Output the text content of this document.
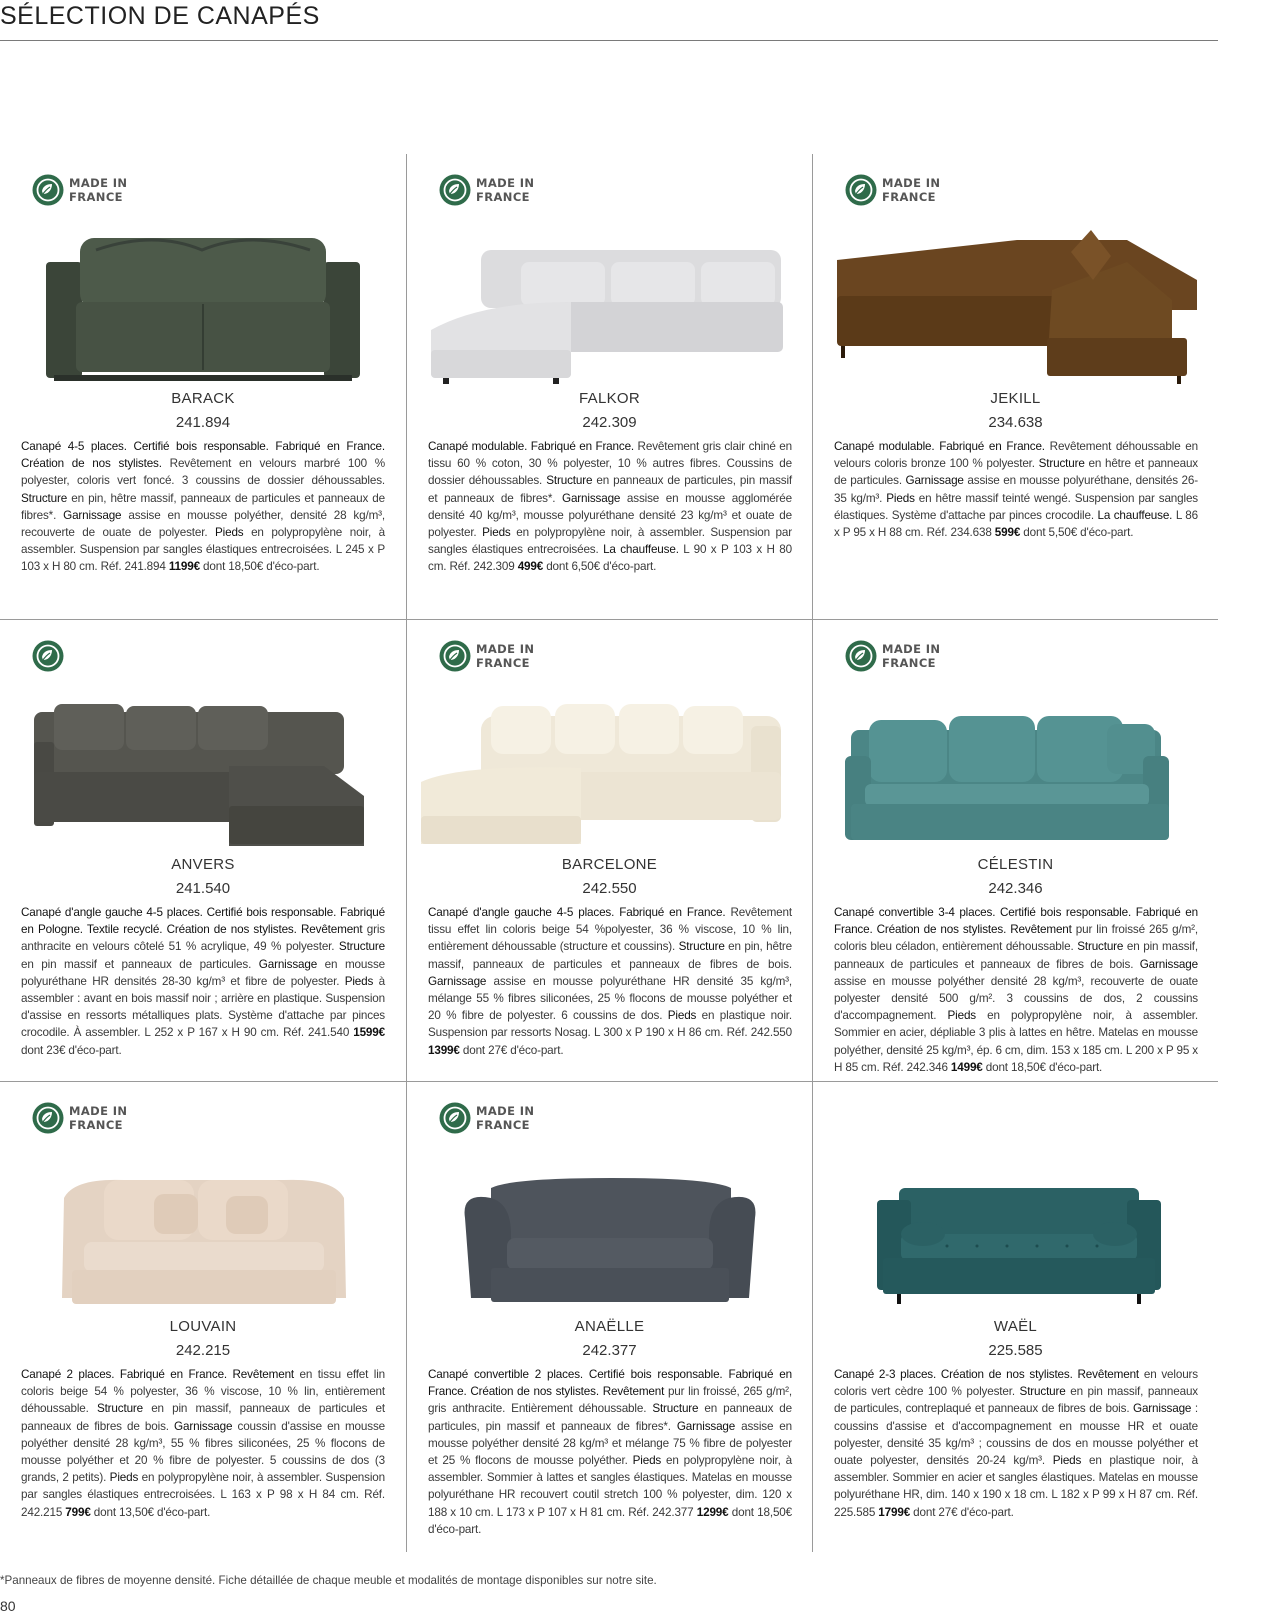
SÉLECTION DE CANAPÉS
MADE IN
FRANCE
BARACK
241.894

Canapé 4-5 places. Certifié bois responsable. Fabriqué en France. Création de nos stylistes. Revêtement en velours marbré 100 % polyester, coloris vert foncé. 3 coussins de dossier déhoussables. Structure en pin, hêtre massif, panneaux de particules et panneaux de fibres*. Garnissage assise en mousse polyéther, densité 28 kg/m³, recouverte de ouate de polyester. Pieds en polypropylène noir, à assembler. Suspension par sangles élastiques entrecroisées. L 245 x P 103 x H 80 cm. Réf. 241.894 1199€ dont 18,50€ d'éco-part.

MADE IN
FRANCE
FALKOR
242.309

Canapé modulable. Fabriqué en France. Revêtement gris clair chiné en tissu 60 % coton, 30 % polyester, 10 % autres fibres. Coussins de dossier déhoussables. Structure en panneaux de particules, pin massif et panneaux de fibres*. Garnissage assise en mousse agglomérée densité 40 kg/m³, mousse polyuréthane densité 23 kg/m³ et ouate de polyester. Pieds en polypropylène noir, à assembler. Suspension par sangles élastiques entrecroisées. La chauffeuse. L 90 x P 103 x H 80 cm. Réf. 242.309 499€ dont 6,50€ d'éco-part.

MADE IN
FRANCE
JEKILL
234.638

Canapé modulable. Fabriqué en France. Revêtement déhoussable en velours coloris bronze 100 % polyester. Structure en hêtre et panneaux de particules. Garnissage assise en mousse polyuréthane, densités 26-35 kg/m³. Pieds en hêtre massif teinté wengé. Suspension par sangles élastiques. Système d'attache par pinces crocodile. La chauffeuse. L 86 x P 95 x H 88 cm. Réf. 234.638 599€ dont 5,50€ d'éco-part.

ANVERS
241.540

Canapé d'angle gauche 4-5 places. Certifié bois responsable. Fabriqué en Pologne. Textile recyclé. Création de nos stylistes. Revêtement gris anthracite en velours côtelé 51 % acrylique, 49 % polyester. Structure en pin massif et panneaux de particules. Garnissage en mousse polyuréthane HR densités 28-30 kg/m³ et fibre de polyester. Pieds à assembler : avant en bois massif noir ; arrière en plastique. Suspension d'assise en ressorts métalliques plats. Système d'attache par pinces crocodile. À assembler. L 252 x P 167 x H 90 cm. Réf. 241.540 1599€ dont 23€ d'éco-part.

MADE IN
FRANCE
BARCELONE
242.550

Canapé d'angle gauche 4-5 places. Fabriqué en France. Revêtement tissu effet lin coloris beige 54 %polyester, 36 % viscose, 10 % lin, entièrement déhoussable (structure et coussins). Structure en pin, hêtre massif, panneaux de particules et panneaux de fibres de bois. Garnissage assise en mousse polyuréthane HR densité 35 kg/m³, mélange 55 % fibres siliconées, 25 % flocons de mousse polyéther et 20 % fibre de polyester. 6 coussins de dos. Pieds en plastique noir. Suspension par ressorts Nosag. L 300 x P 190 x H 86 cm. Réf. 242.550 1399€ dont 27€ d'éco-part.

MADE IN
FRANCE
CÉLESTIN
242.346

Canapé convertible 3-4 places. Certifié bois responsable. Fabriqué en France. Création de nos stylistes. Revêtement pur lin froissé 265 g/m², coloris bleu céladon, entièrement déhoussable. Structure en pin massif, panneaux de particules et panneaux de fibres de bois. Garnissage assise en mousse polyéther densité 28 kg/m³, recouverte de ouate polyester densité 500 g/m². 3 coussins de dos, 2 coussins d'accompagnement. Pieds en polypropylène noir, à assembler. Sommier en acier, dépliable 3 plis à lattes en hêtre. Matelas en mousse polyéther, densité 25 kg/m³, ép. 6 cm, dim. 153 x 185 cm. L 200 x P 95 x H 85 cm. Réf. 242.346 1499€ dont 18,50€ d'éco-part.

MADE IN
FRANCE
LOUVAIN
242.215

Canapé 2 places. Fabriqué en France. Revêtement en tissu effet lin coloris beige 54 % polyester, 36 % viscose, 10 % lin, entièrement déhoussable. Structure en pin massif, panneaux de particules et panneaux de fibres de bois. Garnissage coussin d'assise en mousse polyéther densité 28 kg/m³, 55 % fibres siliconées, 25 % flocons de mousse polyéther et 20 % fibre de polyester. 5 coussins de dos (3 grands, 2 petits). Pieds en polypropylène noir, à assembler. Suspension par sangles élastiques entrecroisées. L 163 x P 98 x H 84 cm. Réf. 242.215 799€ dont 13,50€ d'éco-part.

MADE IN
FRANCE
ANAËLLE
242.377

Canapé convertible 2 places. Certifié bois responsable. Fabriqué en France. Création de nos stylistes. Revêtement pur lin froissé, 265 g/m², gris anthracite. Entièrement déhoussable. Structure en panneaux de particules, pin massif et panneaux de fibres*. Garnissage assise en mousse polyéther densité 28 kg/m³ et mélange 75 % fibre de polyester et 25 % flocons de mousse polyéther. Pieds en polypropylène noir, à assembler. Sommier à lattes et sangles élastiques. Matelas en mousse polyuréthane HR recouvert coutil stretch 100 % polyester, dim. 120 x 188 x 10 cm. L 173 x P 107 x H 81 cm. Réf. 242.377 1299€ dont 18,50€ d'éco-part.

WAËL
225.585

Canapé 2-3 places. Création de nos stylistes. Revêtement en velours coloris vert cèdre 100 % polyester. Structure en pin massif, panneaux de particules, contreplaqué et panneaux de fibres de bois. Garnissage : coussins d'assise et d'accompagnement en mousse HR et ouate polyester, densité 35 kg/m³ ; coussins de dos en mousse polyéther et ouate polyester, densités 20-24 kg/m³. Pieds en plastique noir, à assembler. Sommier en acier et sangles élastiques. Matelas en mousse polyuréthane HR, dim. 140 x 190 x 18 cm. L 182 x P 99 x H 87 cm. Réf. 225.585 1799€ dont 27€ d'éco-part.

*Panneaux de fibres de moyenne densité. Fiche détaillée de chaque meuble et modalités de montage disponibles sur notre site.
80
